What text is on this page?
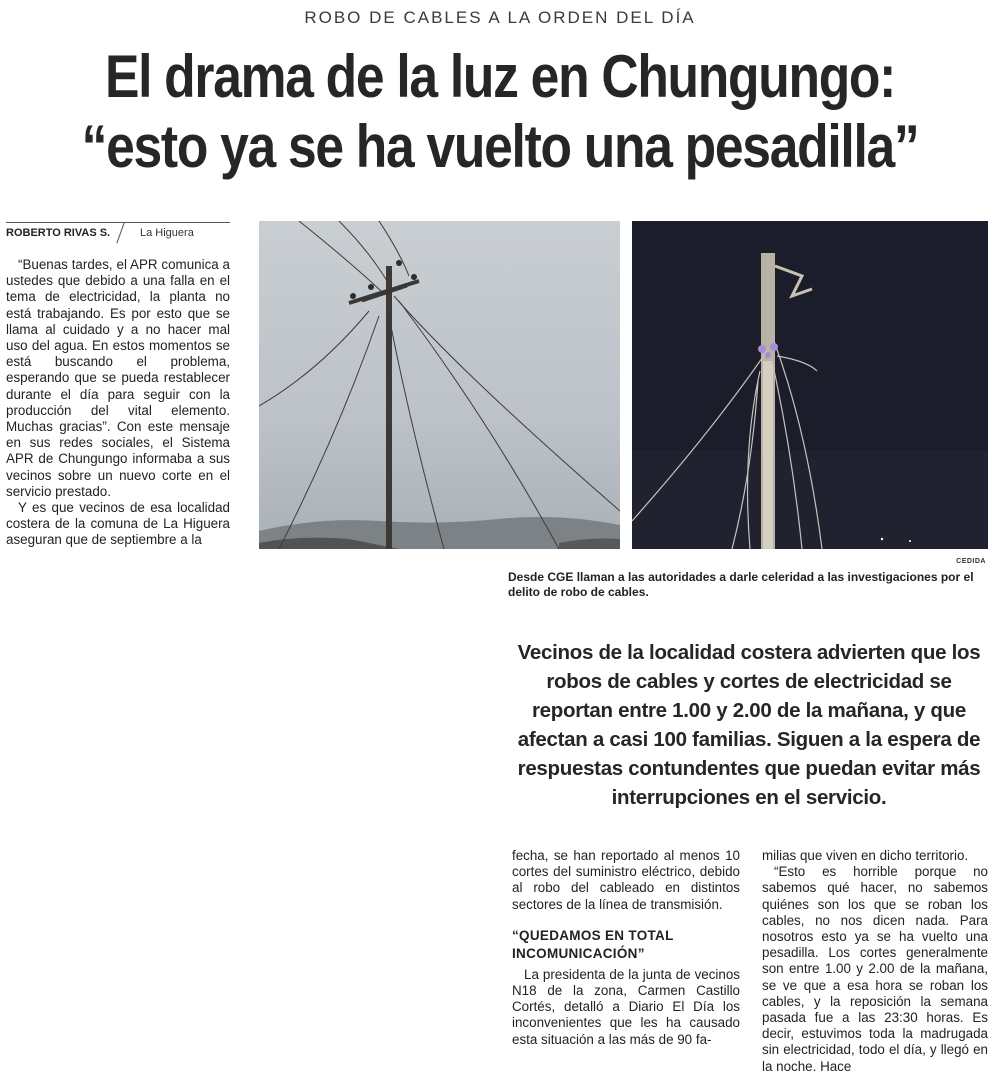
ROBO DE CABLES A LA ORDEN DEL DÍA
El drama de la luz en Chungungo:
“esto ya se ha vuelto una pesadilla”
ROBERTO RIVAS S.	La Higuera

“Buenas tardes, el APR comunica a ustedes que debido a una falla en el tema de electricidad, la planta no está trabajando. Es por esto que se llama al cuidado y a no hacer mal uso del agua. En estos momentos se está buscando el problema, esperando que se pueda restablecer durante el día para seguir con la producción del vital elemento. Muchas gracias”. Con este mensaje en sus redes sociales, el Sistema APR de Chungungo informaba a sus vecinos sobre un nuevo corte en el servicio prestado.

Y es que vecinos de esa localidad costera de la comuna de La Higuera aseguran que de septiembre a la

CEDIDA
Desde CGE llaman a las autoridades a darle celeridad a las investigaciones por el delito de robo de cables.
Vecinos de la localidad costera advierten que los robos de cables y cortes de electricidad se reportan entre 1.00 y 2.00 de la mañana, y que afectan a casi 100 familias. Siguen a la espera de respuestas contundentes que puedan evitar más interrupciones en el servicio.

fecha, se han reportado al menos 10 cortes del suministro eléctrico, debido al robo del cableado en distintos sectores de la línea de transmisión.

“QUEDAMOS EN TOTAL INCOMUNICACIÓN”

La presidenta de la junta de vecinos N18 de la zona, Carmen Castillo Cortés, detalló a Diario El Día los inconvenientes que les ha causado esta situación a las más de 90 fa-

milias que viven en dicho territorio.

“Esto es horrible porque no sabemos qué hacer, no sabemos quiénes son los que se roban los cables, no nos dicen nada. Para nosotros esto ya se ha vuelto una pesadilla. Los cortes generalmente son entre 1.00 y 2.00 de la mañana, se ve que a esa hora se roban los cables, y la reposición la semana pasada fue a las 23:30 horas. Es decir, estuvimos toda la madrugada sin electricidad, todo el día, y llegó en la noche. Hace
